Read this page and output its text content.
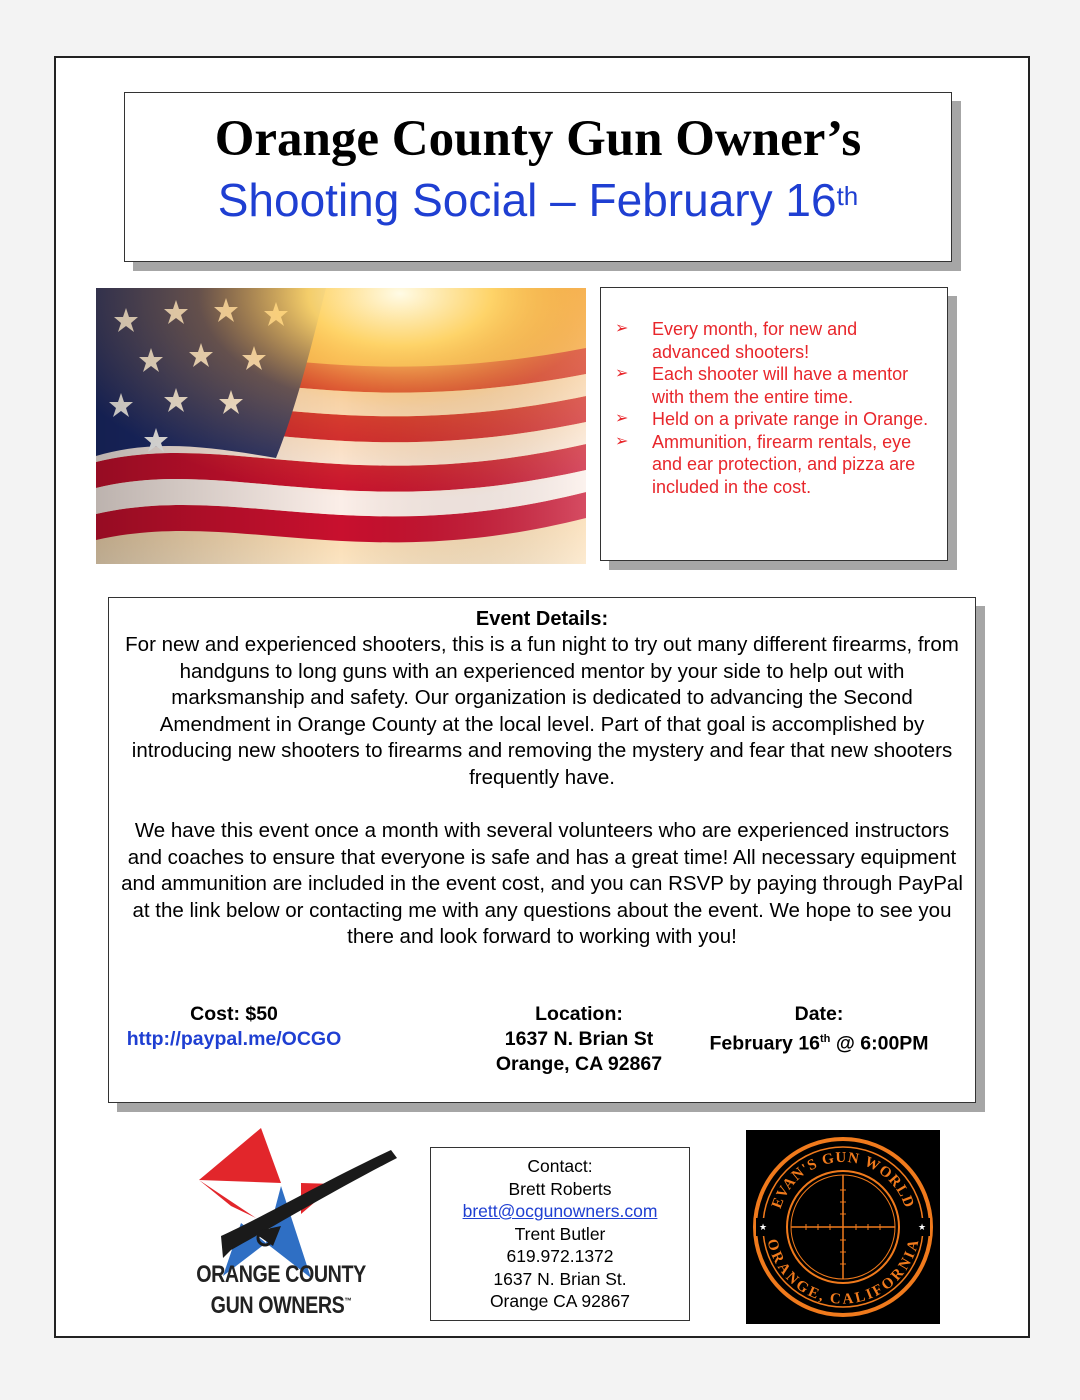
Orange County Gun Owner’s
Shooting Social – February 16th
➢ Every month, for new and advanced shooters!
➢ Each shooter will have a mentor with them the entire time.
➢ Held on a private range in Orange.
➢ Ammunition, firearm rentals, eye and ear protection, and pizza are included in the cost.
Event Details:

For new and experienced shooters, this is a fun night to try out many different firearms, from handguns to long guns with an experienced mentor by your side to help out with marksmanship and safety. Our organization is dedicated to advancing the Second Amendment in Orange County at the local level. Part of that goal is accomplished by introducing new shooters to firearms and removing the mystery and fear that new shooters frequently have.

We have this event once a month with several volunteers who are experienced instructors and coaches to ensure that everyone is safe and has a great time! All necessary equipment and ammunition are included in the event cost, and you can RSVP by paying through PayPal at the link below or contacting me with any questions about the event. We hope to see you there and look forward to working with you!

Cost: $50
http://paypal.me/OCGO
Location:
1637 N. Brian St
Orange, CA 92867
Date:
February 16th @ 6:00PM
ORANGE COUNTY
GUN OWNERS™
Contact:
Brett Roberts
brett@ocgunowners.com
Trent Butler
619.972.1372
1637 N. Brian St.
Orange CA 92867
★	★
EVAN'S GUN WORLD
ORANGE, CALIFORNIA
